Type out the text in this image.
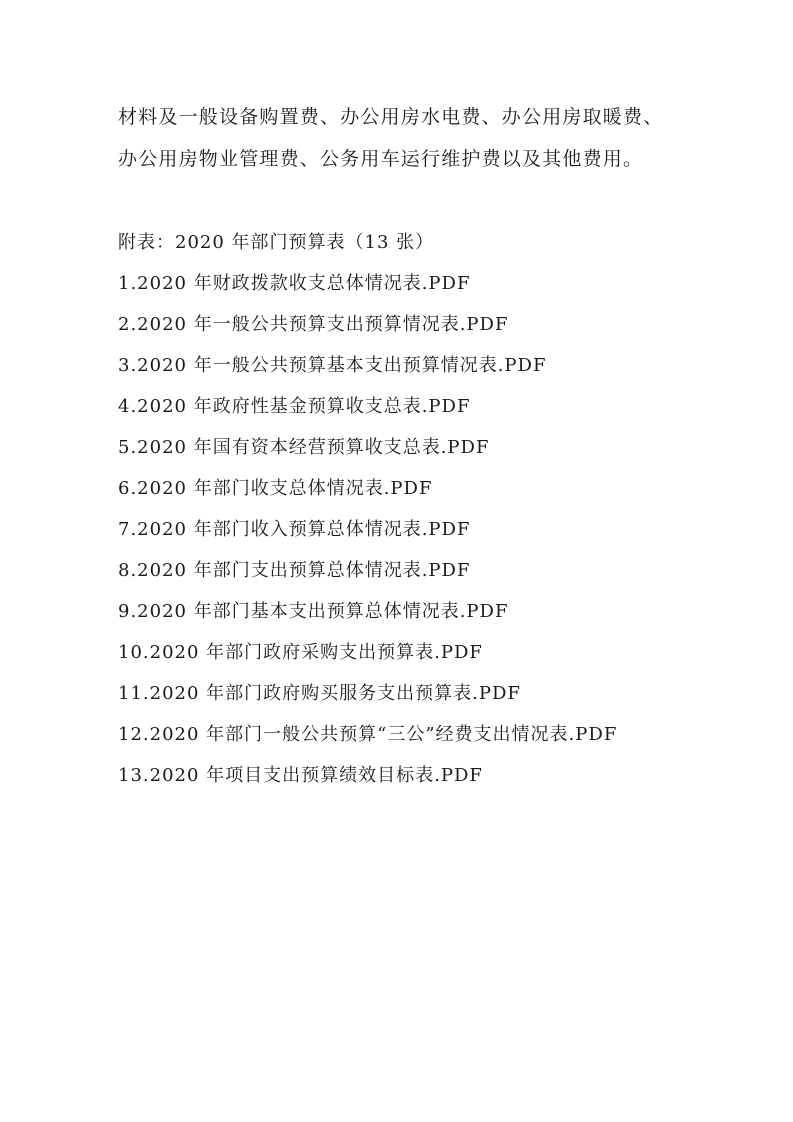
材料及一般设备购置费、办公用房水电费、办公用房取暖费、
办公用房物业管理费、公务用车运行维护费以及其他费用。
附表：2020 年部门预算表（13 张）
1.2020 年财政拨款收支总体情况表.PDF
2.2020 年一般公共预算支出预算情况表.PDF
3.2020 年一般公共预算基本支出预算情况表.PDF
4.2020 年政府性基金预算收支总表.PDF
5.2020 年国有资本经营预算收支总表.PDF
6.2020 年部门收支总体情况表.PDF
7.2020 年部门收入预算总体情况表.PDF
8.2020 年部门支出预算总体情况表.PDF
9.2020 年部门基本支出预算总体情况表.PDF
10.2020 年部门政府采购支出预算表.PDF
11.2020 年部门政府购买服务支出预算表.PDF
12.2020 年部门一般公共预算“三公”经费支出情况表.PDF
13.2020 年项目支出预算绩效目标表.PDF
